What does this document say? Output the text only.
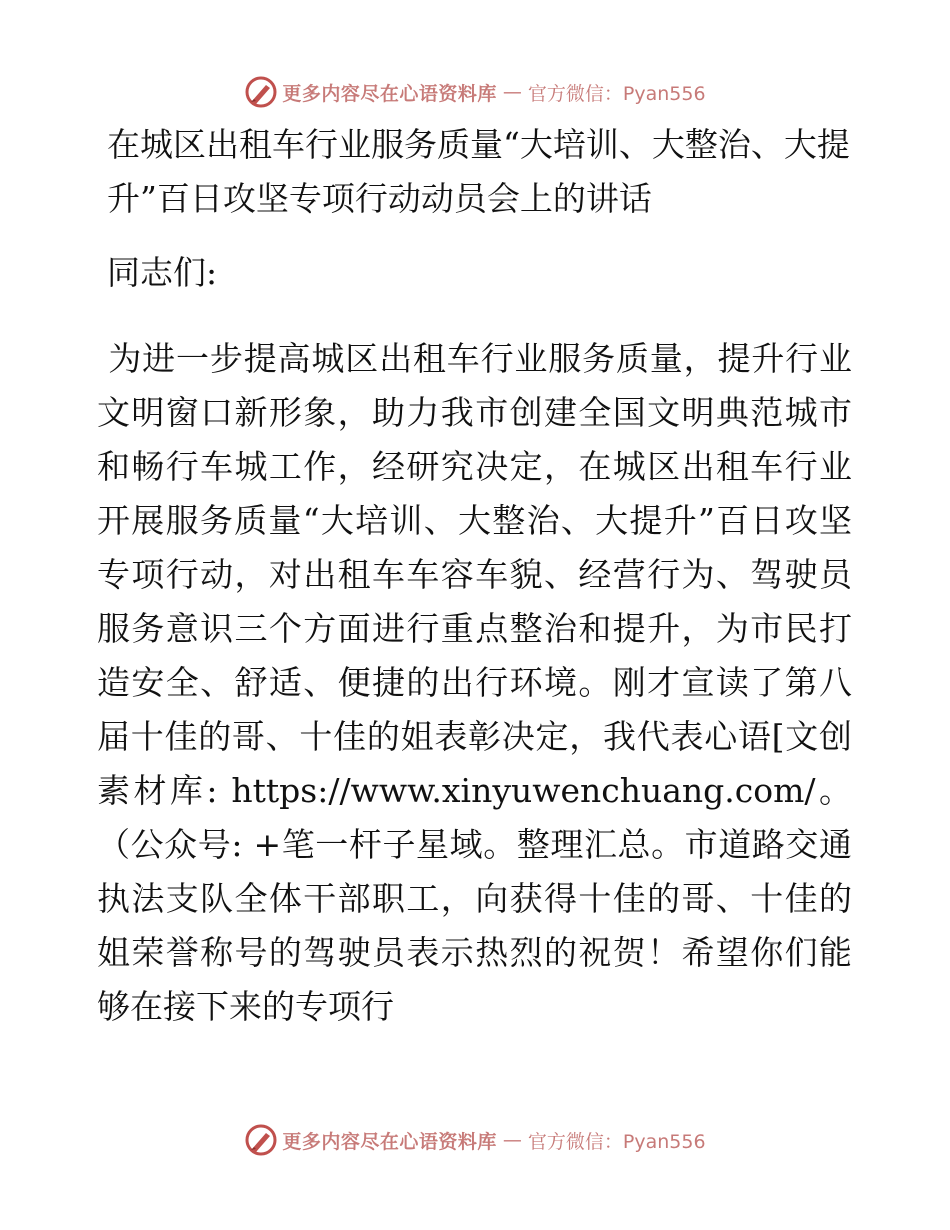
更多内容尽在心语资料库 — 官方微信：Pyan556
在城区出租车行业服务质量“大培训、大整治、大提升”百日攻坚专项行动动员会上的讲话

同志们:

为进一步提高城区出租车行业服务质量，提升行业文明窗口新形象，助力我市创建全国文明典范城市和畅行车城工作，经研究决定，在城区出租车行业开展服务质量“大培训、大整治、大提升”百日攻坚专项行动，对出租车车容车貌、经营行为、驾驶员服务意识三个方面进行重点整治和提升，为市民打造安全、舒适、便捷的出行环境。刚才宣读了第八届十佳的哥、十佳的姐表彰决定，我代表心语[文创素材库: https://www.xinyuwenchuang.com/。（公众号: +笔一杆子星域。整理汇总。市道路交通执法支队全体干部职工，向获得十佳的哥、十佳的姐荣誉称号的驾驶员表示热烈的祝贺！希望你们能够在接下来的专项行

更多内容尽在心语资料库 — 官方微信：Pyan556
